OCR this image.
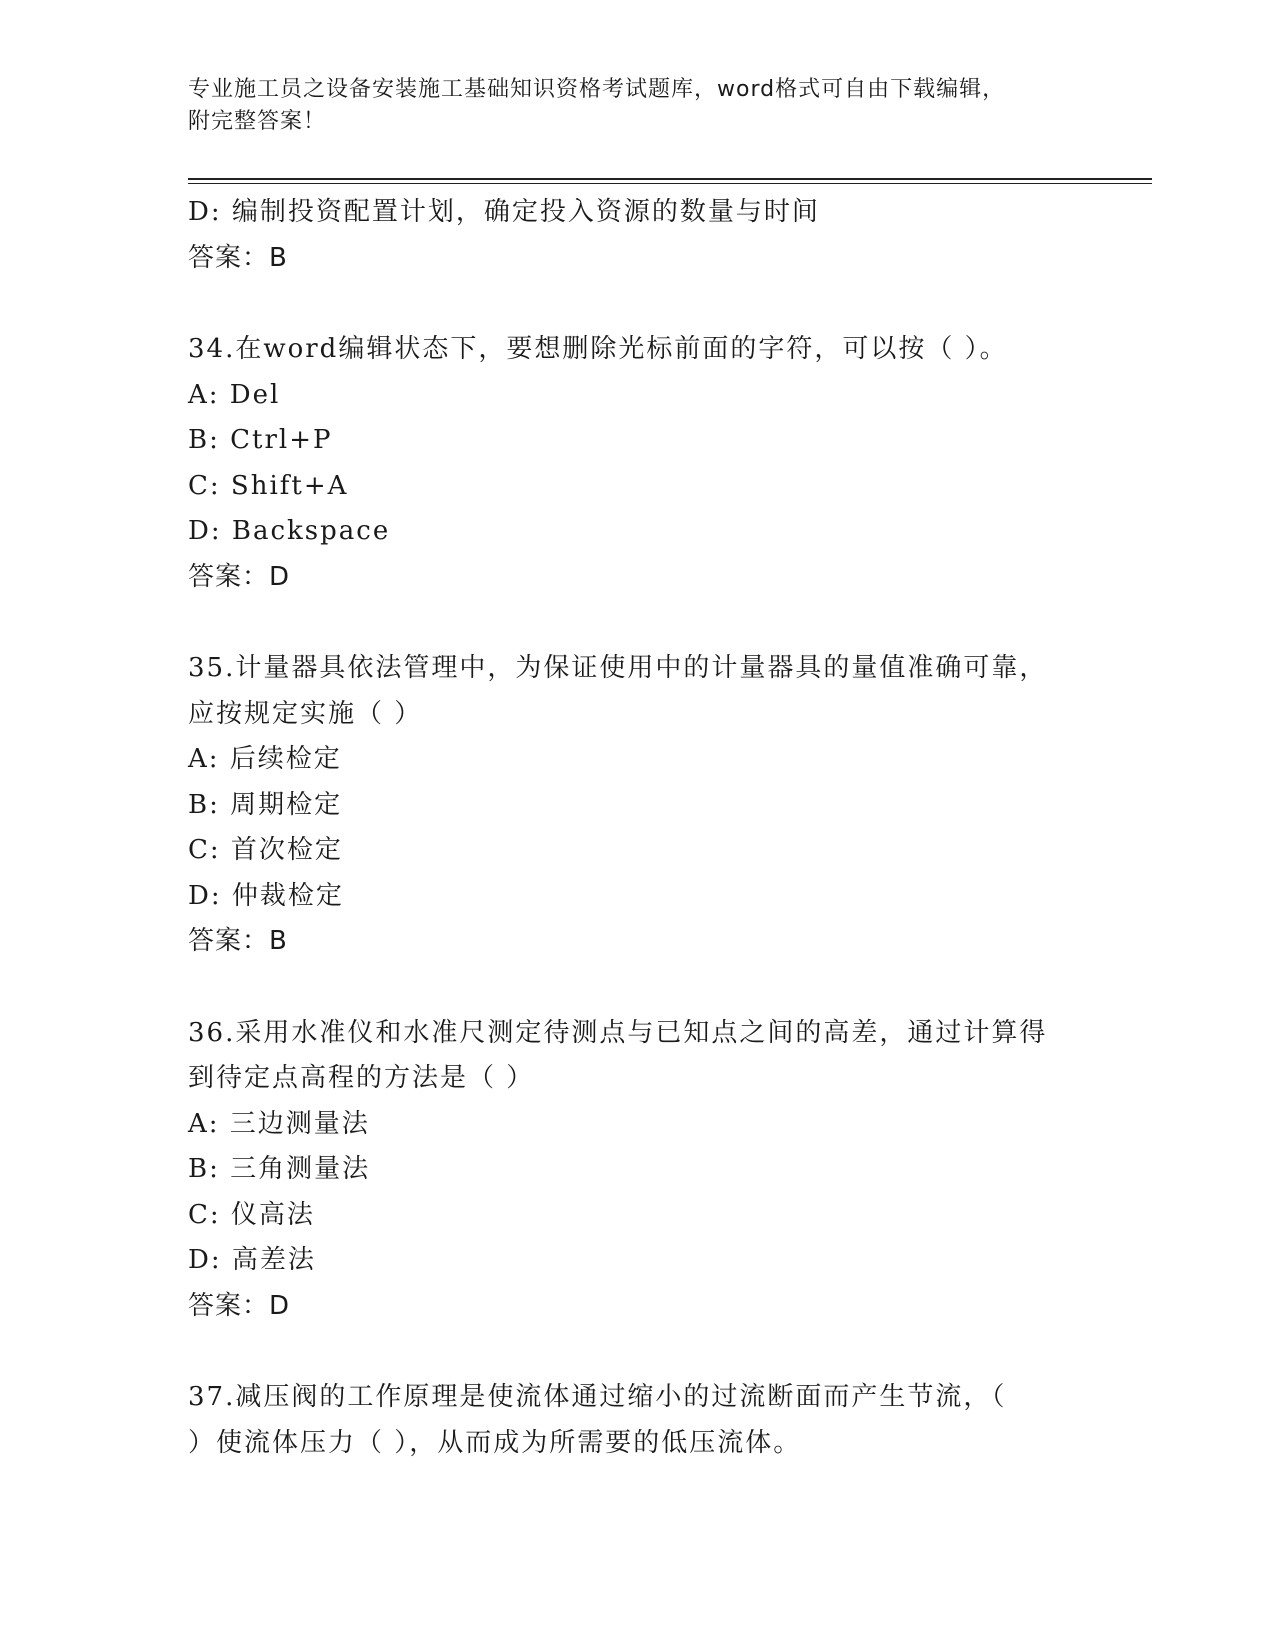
专业施工员之设备安装施工基础知识资格考试题库，word格式可自由下载编辑，
附完整答案！
D: 编制投资配置计划，确定投入资源的数量与时间
答案：B
34.在word编辑状态下，要想删除光标前面的字符，可以按（ ）。
A: Del
B: Ctrl+P
C: Shift+A
D: Backspace
答案：D
35.计量器具依法管理中，为保证使用中的计量器具的量值准确可靠，
应按规定实施（ ）
A: 后续检定
B: 周期检定
C: 首次检定
D: 仲裁检定
答案：B
36.采用水准仪和水准尺测定待测点与已知点之间的高差，通过计算得
到待定点高程的方法是（ ）
A: 三边测量法
B: 三角测量法
C: 仪高法
D: 高差法
答案：D
37.减压阀的工作原理是使流体通过缩小的过流断面而产生节流，（
）使流体压力（ ），从而成为所需要的低压流体。
